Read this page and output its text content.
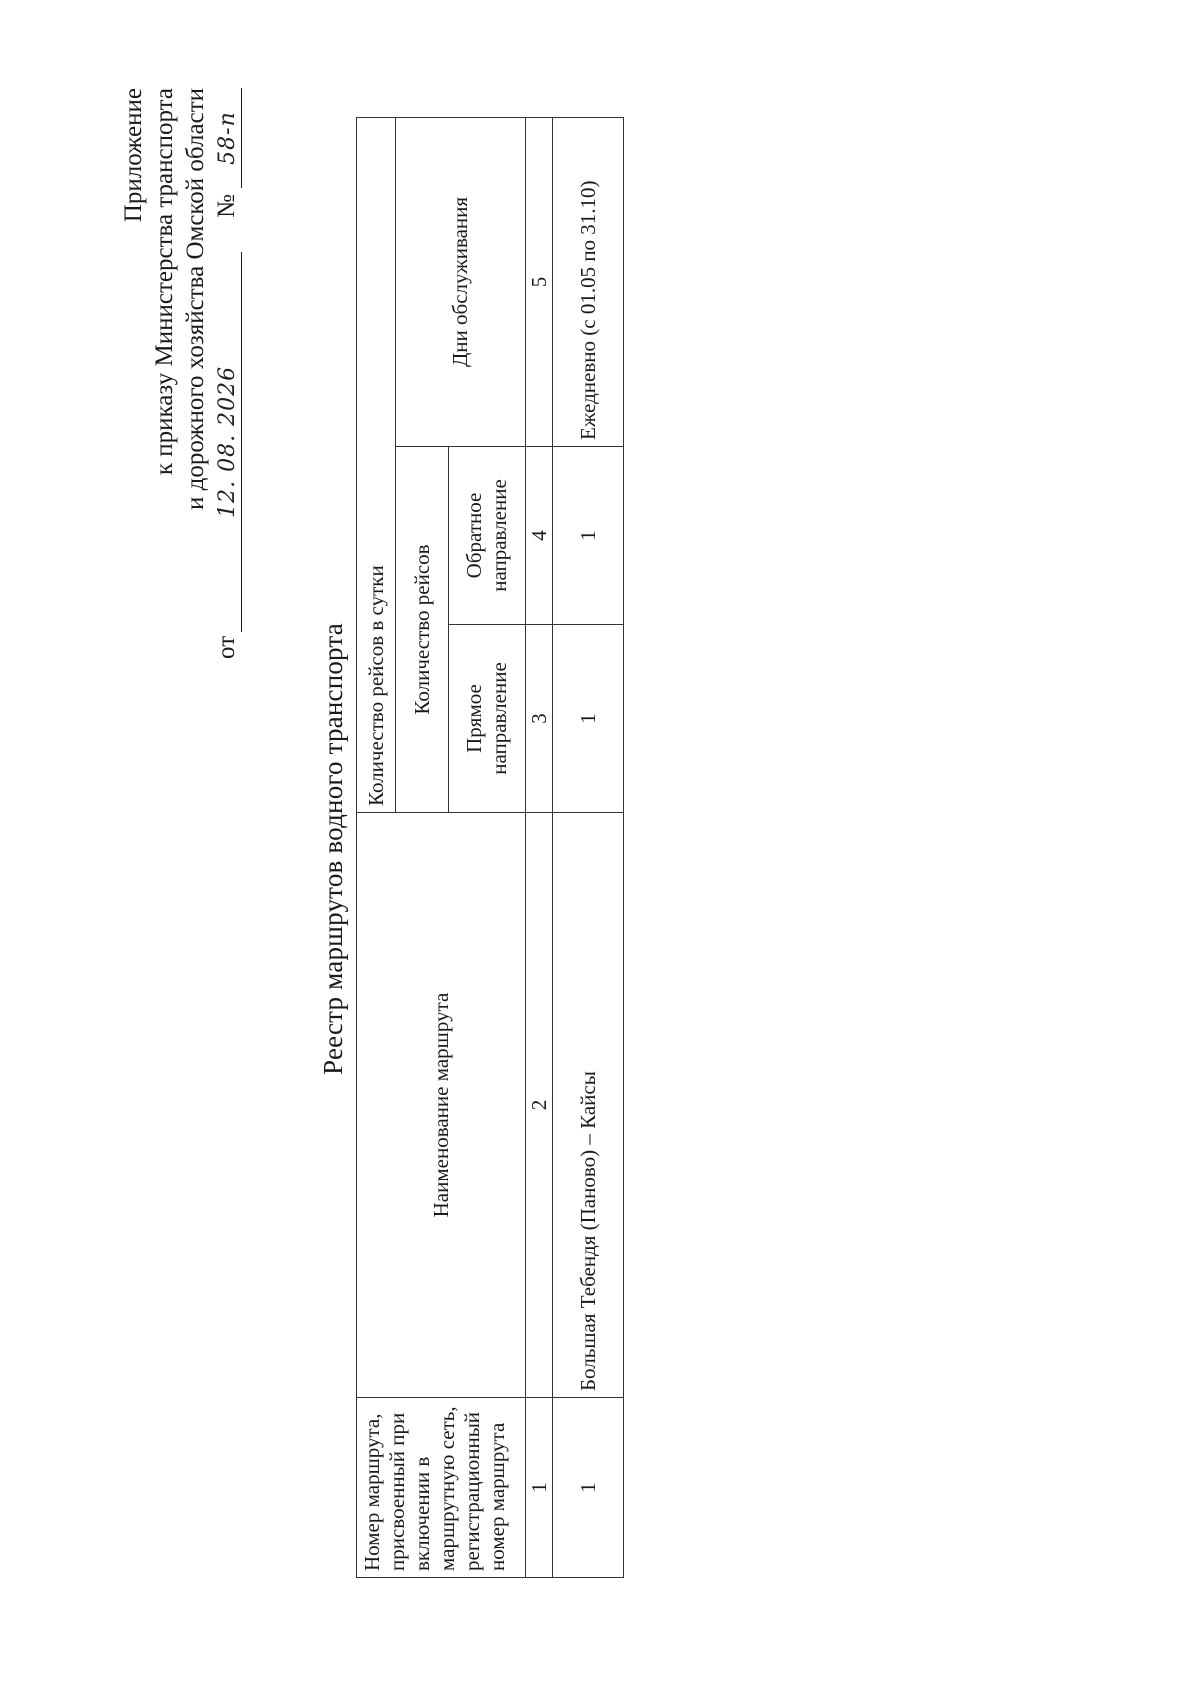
Приложение к приказу Министерства транспорта и дорожного хозяйства Омской области
от
12. 08. 2026
№
58-п
Реестр маршрутов водного транспорта
Номер маршрута, присвоенный при включении в маршрутную сеть, регистрационный номер маршрута	Наименование маршрута	Количество рейсов в сутки		
		Количество рейсов		Дни обслуживания
		Прямое направление	Обратное направление	
1	2	3	4	5
1	Большая Тебендя (Паново) – Кайсы	1	1	Ежедневно (с 01.05 по 31.10)
